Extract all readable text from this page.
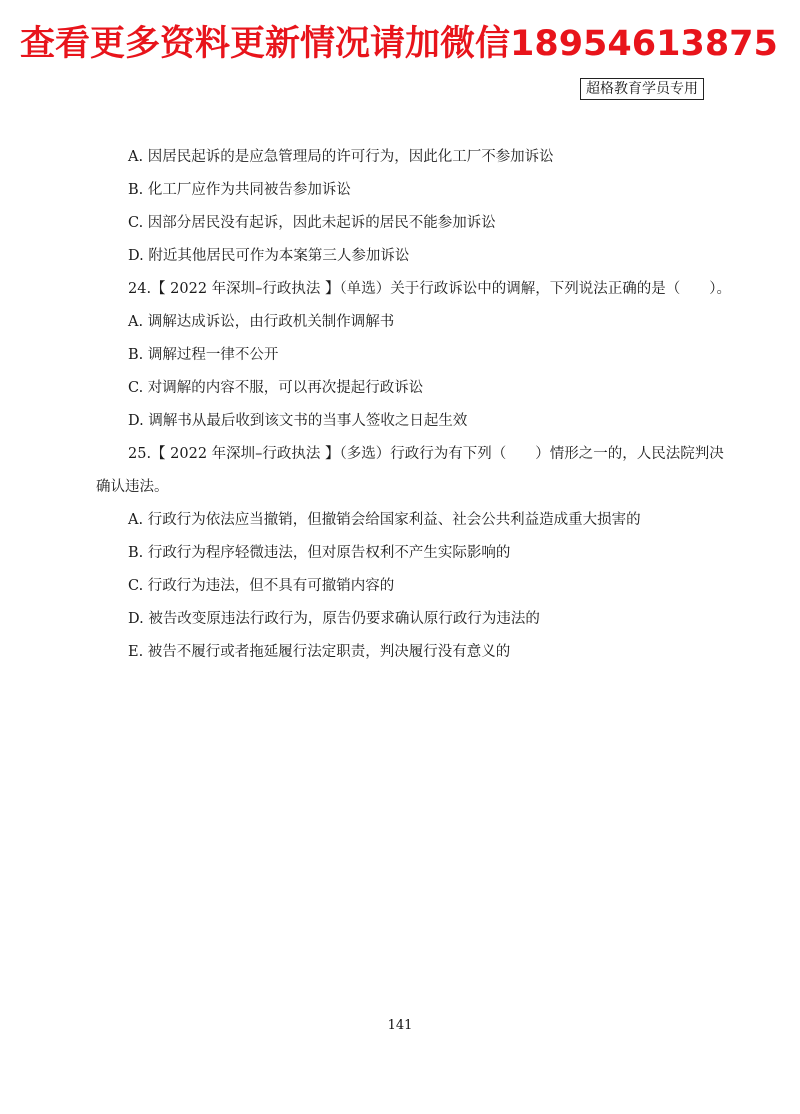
查看更多资料更新情况请加微信18954613875
超格教育学员专用
A. 因居民起诉的是应急管理局的许可行为，因此化工厂不参加诉讼
B. 化工厂应作为共同被告参加诉讼
C. 因部分居民没有起诉，因此未起诉的居民不能参加诉讼
D. 附近其他居民可作为本案第三人参加诉讼
24.【 2022 年深圳–行政执法 】（单选）关于行政诉讼中的调解，下列说法正确的是（　　）。
A. 调解达成诉讼，由行政机关制作调解书
B. 调解过程一律不公开
C. 对调解的内容不服，可以再次提起行政诉讼
D. 调解书从最后收到该文书的当事人签收之日起生效
25.【 2022 年深圳–行政执法 】（多选）行政行为有下列（　　）情形之一的，人民法院判决
确认违法。
A. 行政行为依法应当撤销，但撤销会给国家利益、社会公共利益造成重大损害的
B. 行政行为程序轻微违法，但对原告权利不产生实际影响的
C. 行政行为违法，但不具有可撤销内容的
D. 被告改变原违法行政行为，原告仍要求确认原行政行为违法的
E. 被告不履行或者拖延履行法定职责，判决履行没有意义的
141
